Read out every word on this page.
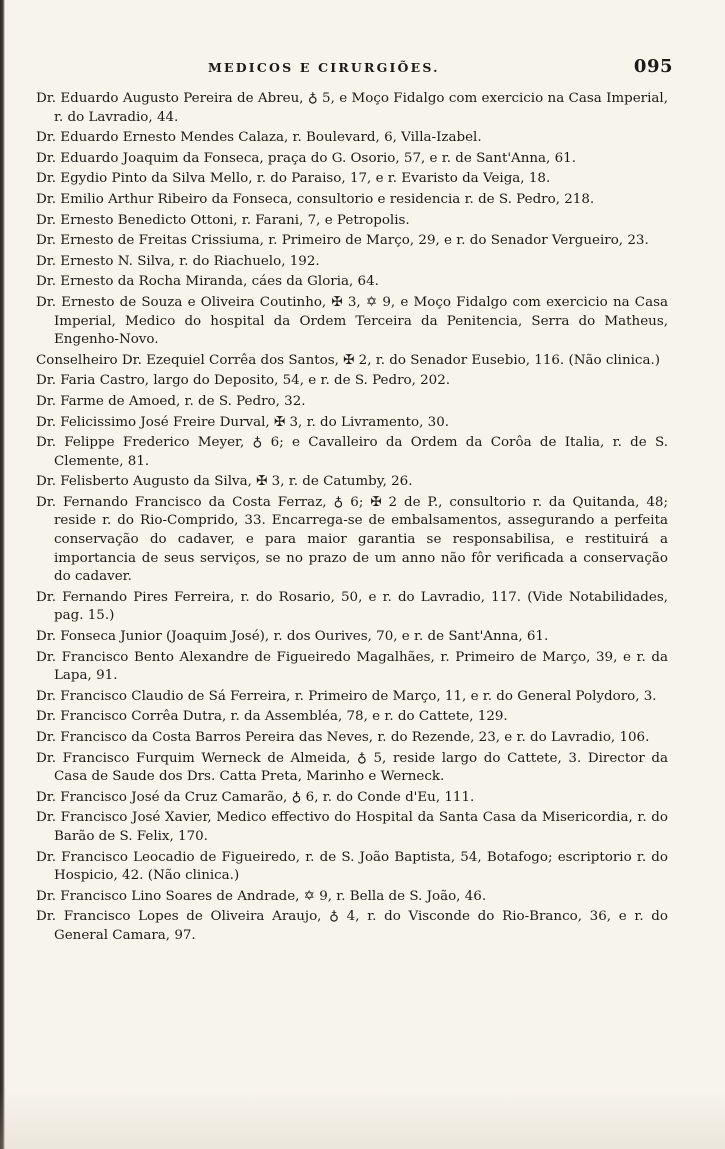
MEDICOS E CIRURGIÕES.	095

Dr. Eduardo Augusto Pereira de Abreu, ♁ 5, e Moço Fidalgo com exercicio na Casa Imperial, r. do Lavradio, 44.

Dr. Eduardo Ernesto Mendes Calaza, r. Boulevard, 6, Villa-Izabel.

Dr. Eduardo Joaquim da Fonseca, praça do G. Osorio, 57, e r. de Sant'Anna, 61.

Dr. Egydio Pinto da Silva Mello, r. do Paraiso, 17, e r. Evaristo da Veiga, 18.

Dr. Emilio Arthur Ribeiro da Fonseca, consultorio e residencia r. de S. Pedro, 218.

Dr. Ernesto Benedicto Ottoni, r. Farani, 7, e Petropolis.

Dr. Ernesto de Freitas Crissiuma, r. Primeiro de Março, 29, e r. do Senador Vergueiro, 23.

Dr. Ernesto N. Silva, r. do Riachuelo, 192.

Dr. Ernesto da Rocha Miranda, cáes da Gloria, 64.

Dr. Ernesto de Souza e Oliveira Coutinho, ✠ 3, ✡ 9, e Moço Fidalgo com exercicio na Casa Imperial, Medico do hospital da Ordem Terceira da Penitencia, Serra do Matheus, Engenho-Novo.

Conselheiro Dr. Ezequiel Corrêa dos Santos, ✠ 2, r. do Senador Eusebio, 116. (Não clinica.)

Dr. Faria Castro, largo do Deposito, 54, e r. de S. Pedro, 202.

Dr. Farme de Amoed, r. de S. Pedro, 32.

Dr. Felicissimo José Freire Durval, ✠ 3, r. do Livramento, 30.

Dr. Felippe Frederico Meyer, ♁ 6; e Cavalleiro da Ordem da Corôa de Italia, r. de S. Clemente, 81.

Dr. Felisberto Augusto da Silva, ✠ 3, r. de Catumby, 26.

Dr. Fernando Francisco da Costa Ferraz, ♁ 6; ✠ 2 de P., consultorio r. da Quitanda, 48; reside r. do Rio-Comprido, 33. Encarrega-se de embalsamentos, assegurando a perfeita conservação do cadaver, e para maior garantia se responsabilisa, e restituirá a importancia de seus serviços, se no prazo de um anno não fôr verificada a conservação do cadaver.

Dr. Fernando Pires Ferreira, r. do Rosario, 50, e r. do Lavradio, 117. (Vide Notabilidades, pag. 15.)

Dr. Fonseca Junior (Joaquim José), r. dos Ourives, 70, e r. de Sant'Anna, 61.

Dr. Francisco Bento Alexandre de Figueiredo Magalhães, r. Primeiro de Março, 39, e r. da Lapa, 91.

Dr. Francisco Claudio de Sá Ferreira, r. Primeiro de Março, 11, e r. do General Polydoro, 3.

Dr. Francisco Corrêa Dutra, r. da Assembléa, 78, e r. do Cattete, 129.

Dr. Francisco da Costa Barros Pereira das Neves, r. do Rezende, 23, e r. do Lavradio, 106.

Dr. Francisco Furquim Werneck de Almeida, ♁ 5, reside largo do Cattete, 3. Director da Casa de Saude dos Drs. Catta Preta, Marinho e Werneck.

Dr. Francisco José da Cruz Camarão, ♁ 6, r. do Conde d'Eu, 111.

Dr. Francisco José Xavier, Medico effectivo do Hospital da Santa Casa da Misericordia, r. do Barão de S. Felix, 170.

Dr. Francisco Leocadio de Figueiredo, r. de S. João Baptista, 54, Botafogo; escriptorio r. do Hospicio, 42. (Não clinica.)

Dr. Francisco Lino Soares de Andrade, ✡ 9, r. Bella de S. João, 46.

Dr. Francisco Lopes de Oliveira Araujo, ♁ 4, r. do Visconde do Rio-Branco, 36, e r. do General Camara, 97.
